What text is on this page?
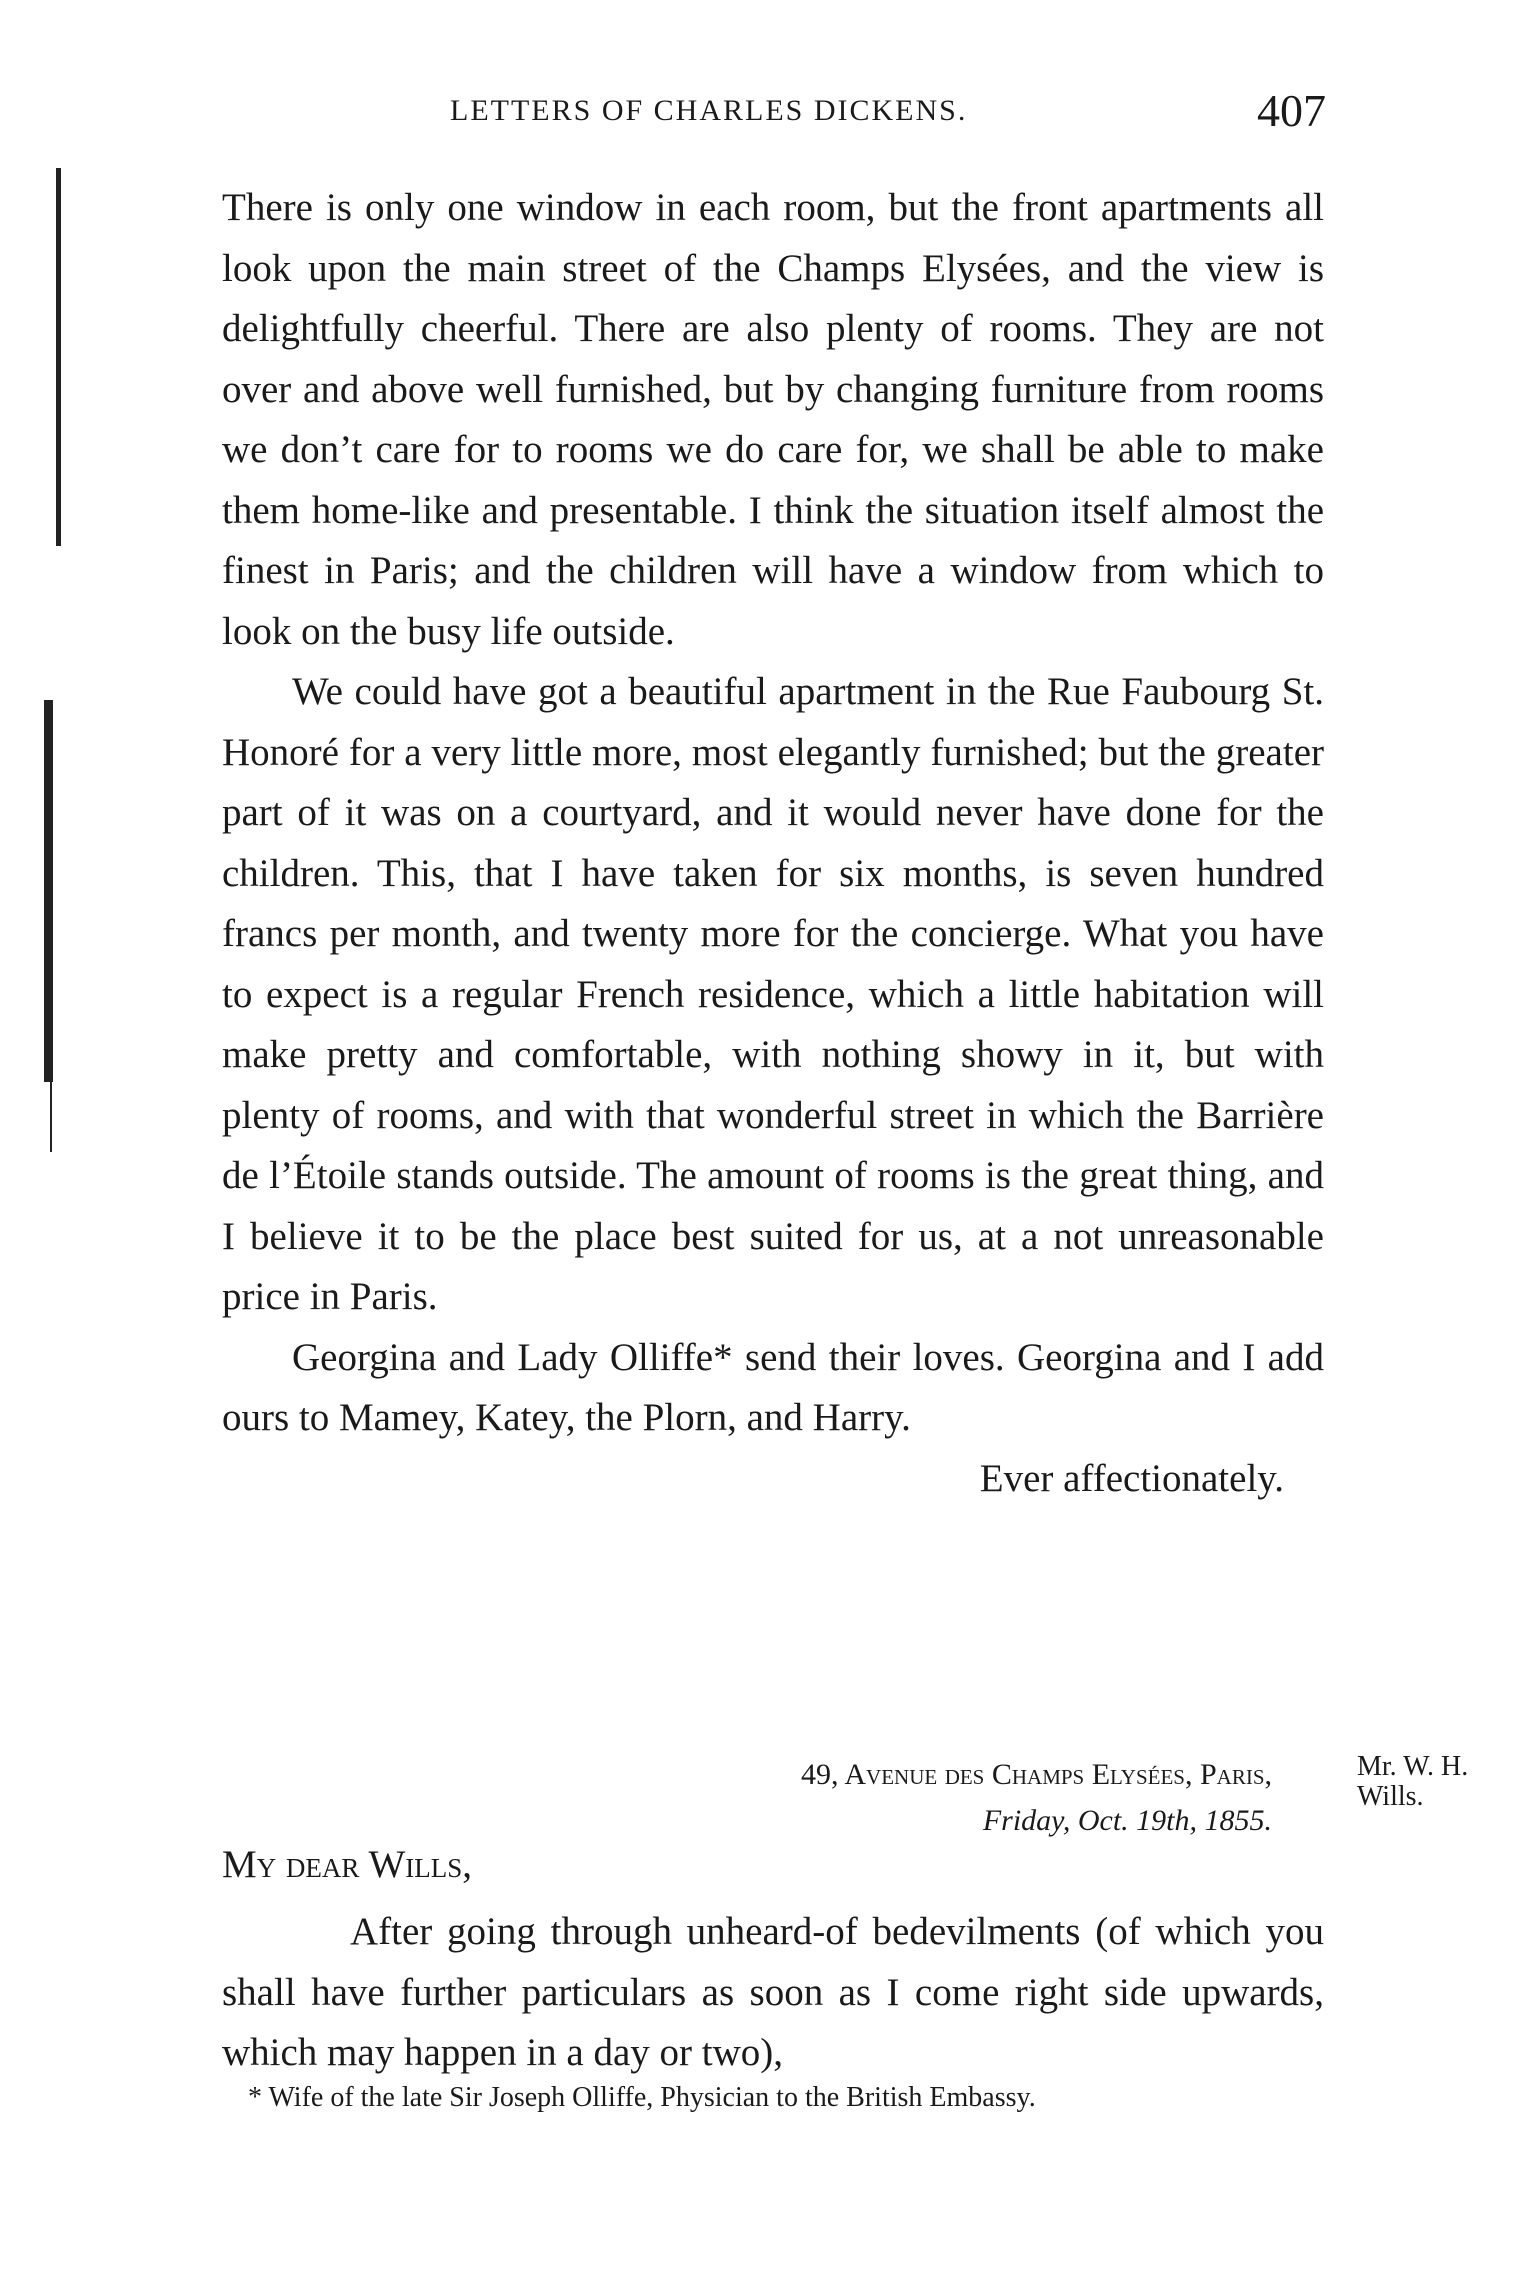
LETTERS OF CHARLES DICKENS.	407

There is only one window in each room, but the front apartments all look upon the main street of the Champs Elysées, and the view is delightfully cheerful. There are also plenty of rooms. They are not over and above well furnished, but by changing furniture from rooms we don’t care for to rooms we do care for, we shall be able to make them home-like and presentable. I think the situation itself almost the finest in Paris; and the children will have a window from which to look on the busy life outside.

We could have got a beautiful apartment in the Rue Faubourg St. Honoré for a very little more, most elegantly furnished; but the greater part of it was on a courtyard, and it would never have done for the children. This, that I have taken for six months, is seven hundred francs per month, and twenty more for the concierge. What you have to expect is a regular French residence, which a little habitation will make pretty and comfortable, with nothing showy in it, but with plenty of rooms, and with that wonderful street in which the Barrière de l’Étoile stands outside. The amount of rooms is the great thing, and I believe it to be the place best suited for us, at a not unreasonable price in Paris.

Georgina and Lady Olliffe* send their loves. Georgina and I add ours to Mamey, Katey, the Plorn, and Harry.

Ever affectionately.

49, Avenue des Champs Elysées, Paris,
Friday, Oct. 19th, 1855.
Mr. W. H. Wills.
My dear Wills,

After going through unheard-of bedevilments (of which you shall have further particulars as soon as I come right side upwards, which may happen in a day or two),

* Wife of the late Sir Joseph Olliffe, Physician to the British Embassy.
